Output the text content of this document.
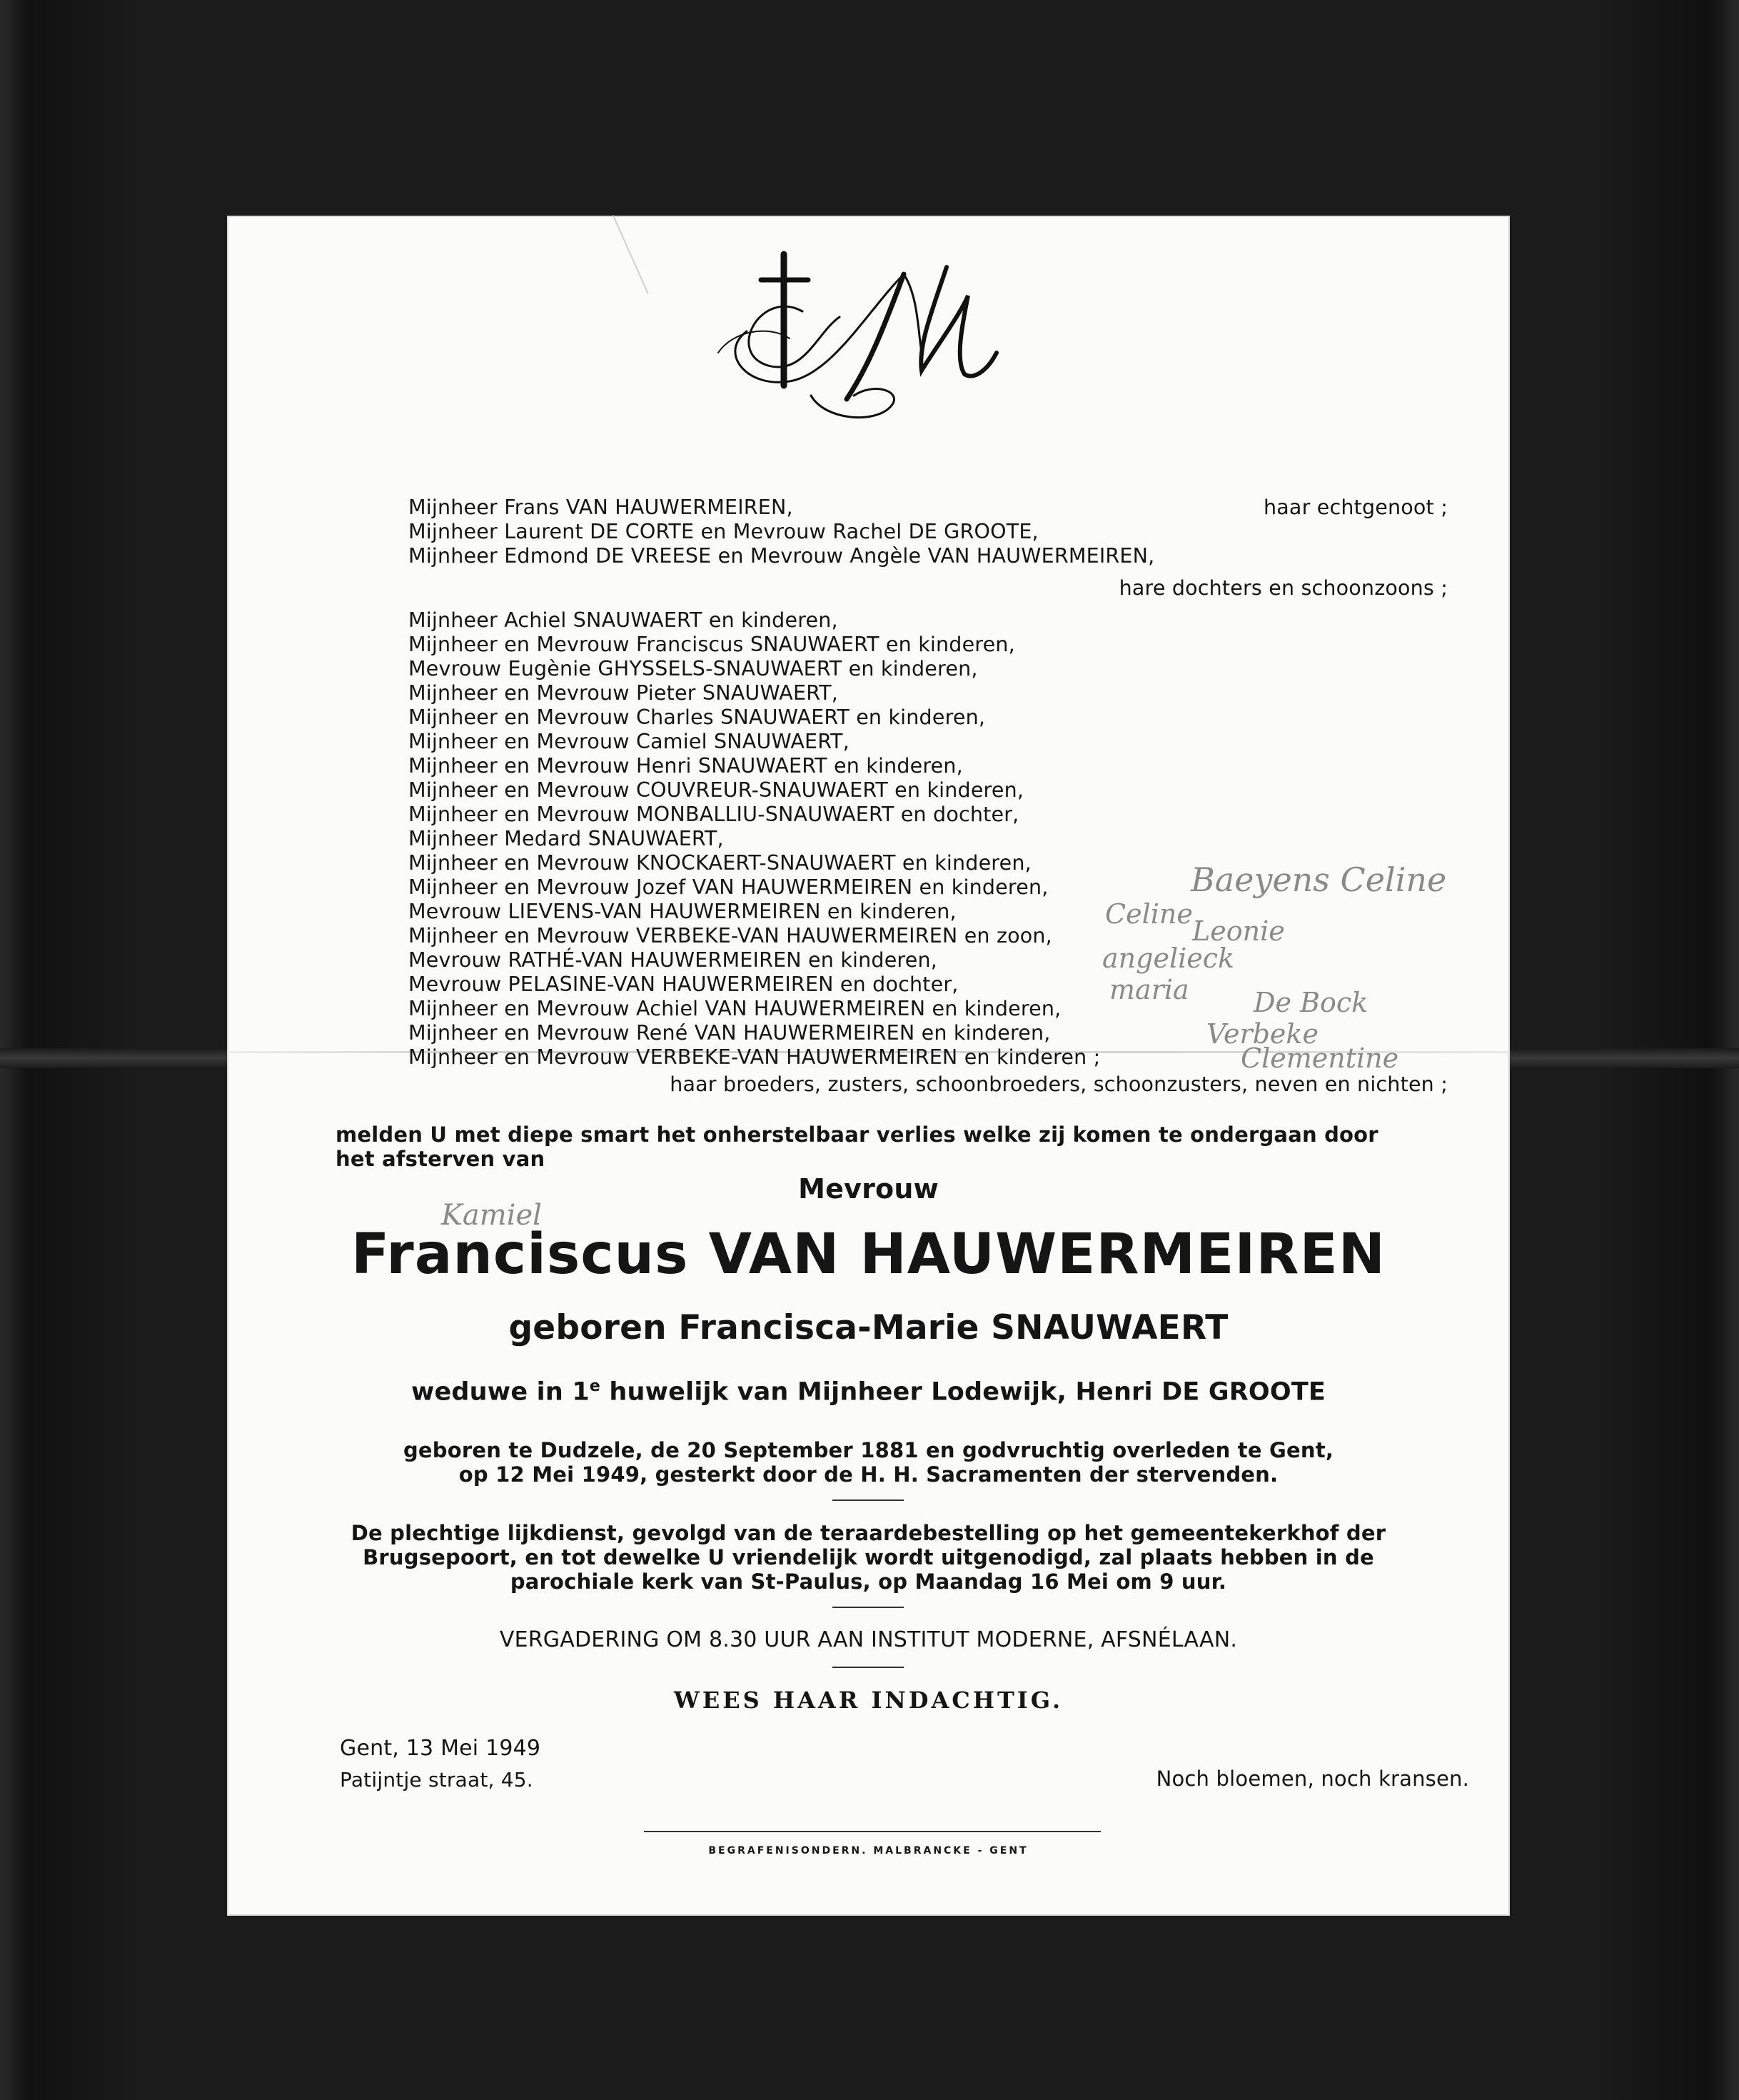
Mijnheer Frans VAN HAUWERMEIREN,	haar echtgenoot ;
Mijnheer Laurent DE CORTE en Mevrouw Rachel DE GROOTE,
Mijnheer Edmond DE VREESE en Mevrouw Angèle VAN HAUWERMEIREN,
hare dochters en schoonzoons ;
Mijnheer Achiel SNAUWAERT en kinderen,
Mijnheer en Mevrouw Franciscus SNAUWAERT en kinderen,
Mevrouw Eugènie GHYSSELS-SNAUWAERT en kinderen,
Mijnheer en Mevrouw Pieter SNAUWAERT,
Mijnheer en Mevrouw Charles SNAUWAERT en kinderen,
Mijnheer en Mevrouw Camiel SNAUWAERT,
Mijnheer en Mevrouw Henri SNAUWAERT en kinderen,
Mijnheer en Mevrouw COUVREUR-SNAUWAERT en kinderen,
Mijnheer en Mevrouw MONBALLIU-SNAUWAERT en dochter,
Mijnheer Medard SNAUWAERT,
Mijnheer en Mevrouw KNOCKAERT-SNAUWAERT en kinderen,
Mijnheer en Mevrouw Jozef VAN HAUWERMEIREN en kinderen,
Mevrouw LIEVENS-VAN HAUWERMEIREN en kinderen,
Mijnheer en Mevrouw VERBEKE-VAN HAUWERMEIREN en zoon,
Mevrouw RATHÉ-VAN HAUWERMEIREN en kinderen,
Mevrouw PELASINE-VAN HAUWERMEIREN en dochter,
Mijnheer en Mevrouw Achiel VAN HAUWERMEIREN en kinderen,
Mijnheer en Mevrouw René VAN HAUWERMEIREN en kinderen,
Mijnheer en Mevrouw VERBEKE-VAN HAUWERMEIREN en kinderen ;
haar broeders, zusters, schoonbroeders, schoonzusters, neven en nichten ;
Baeyens Celine
Celine
Leonie
angelieck
maria De Bock
Verbeke
Clementine
Kamiel
melden U met diepe smart het onherstelbaar verlies welke zij komen te ondergaan door
het afsterven van
Mevrouw
Franciscus VAN HAUWERMEIREN
geboren Francisca-Marie SNAUWAERT
weduwe in 1e huwelijk van Mijnheer Lodewijk, Henri DE GROOTE
geboren te Dudzele, de 20 September 1881 en godvruchtig overleden te Gent,
op 12 Mei 1949, gesterkt door de H. H. Sacramenten der stervenden.
De plechtige lijkdienst, gevolgd van de teraardebestelling op het gemeentekerkhof der
Brugsepoort, en tot dewelke U vriendelijk wordt uitgenodigd, zal plaats hebben in de
parochiale kerk van St-Paulus, op Maandag 16 Mei om 9 uur.
VERGADERING OM 8.30 UUR AAN INSTITUT MODERNE, AFSNÉLAAN.
WEES HAAR INDACHTIG.
Gent, 13 Mei 1949
Patijntje straat, 45.	Noch bloemen, noch kransen.
BEGRAFENISONDERN. MALBRANCKE - GENT
